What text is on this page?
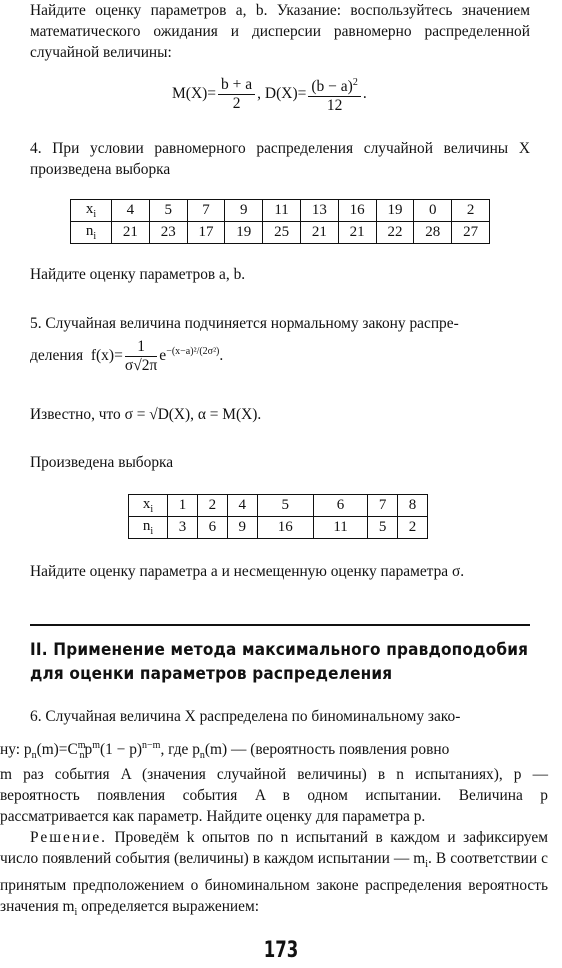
Найдите оценку параметров a, b. Указание: воспользуйтесь значением математического ожидания и дисперсии равномерно распределенной случайной величины:

$M(X)= \frac{b + a}{2}$ , $D(X)= \frac{(b - a)^2}{12}$ .

4. При условии равномерного распределения случайной величины X произведена выборка

$x_i$	4	5	7	9	11	13	16	19	0	2
$n_i$	21	23	17	19	25	21	21	22	28	27

Найдите оценку параметров a, b.

5. Случайная величина подчиняется нормальному закону распре-

деления $f(x)= \frac{1}{\sigma√2\pi} e^{-(x-a)^2/(2\sigma^2)}$.

Известно, что σ = √D(X), α = M(X).

Произведена выборка

$x_i$	1	2	4	5	6	7	8
$n_i$	3	6	9	16	11	5	2

Найдите оценку параметра a и несмещенную оценку параметра σ.

II. Применение метода максимального правдоподобия для оценки параметров распределения

6. Случайная величина X распределена по биноминальному зако-

ну: $p_n(m)=C^m_np^m(1 - p)^{n-m}$, где $p_n(m)$ — (вероятность появления ровно

m раз события A (значения случайной величины) в n испытаниях), p — вероятность появления события A в одном испытании. Величина p рассматривается как параметр. Найдите оценку для параметра p.

Решение. Проведём k опытов по n испытаний в каждом и зафиксируем число появлений события (величины) в каждом испытании — $m_i$. В соответствии с принятым предположением о биноминальном законе распределения вероятность значения $m_i$ определяется выражением:

173
